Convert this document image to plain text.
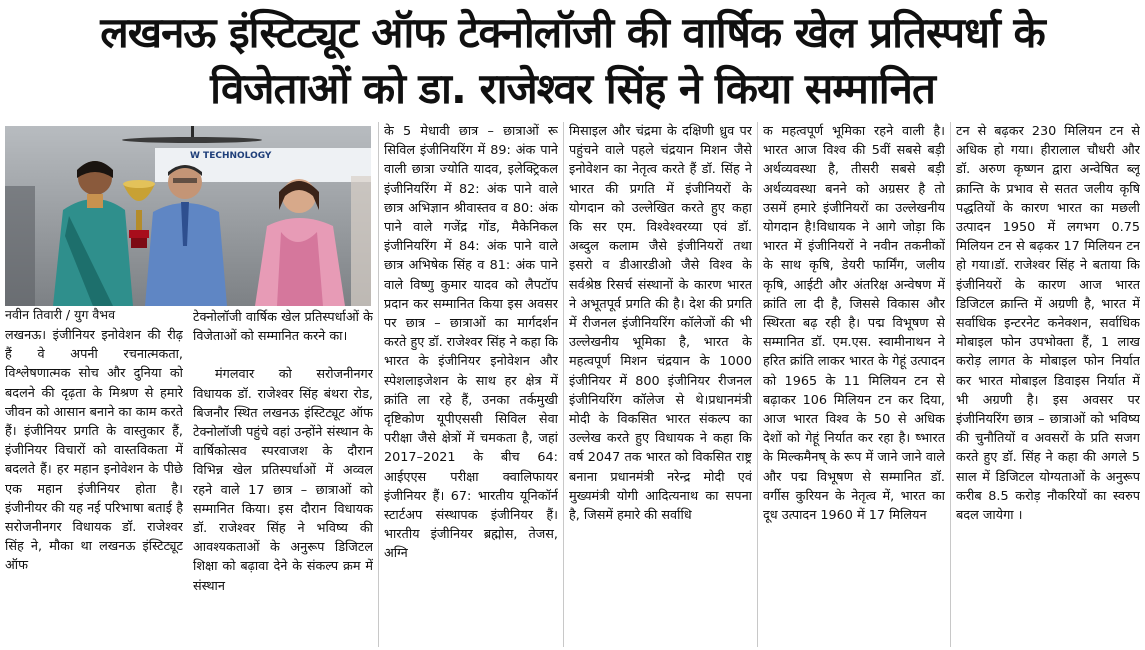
लखनऊ इंस्टिट्यूट ऑफ टेक्नोलॉजी की वार्षिक खेल प्रतिस्पर्धा के
विजेताओं को डा. राजेश्वर सिंह ने किया सम्मानित
W TECHNOLOGY
नवीन तिवारी / युग वैभव

लखनऊ। इंजीनियर इनोवेशन की रीढ़ हैं वे अपनी रचनात्मकता, विश्लेषणात्मक सोच और दुनिया को बदलने की दृढ़ता के मिश्रण से हमारे जीवन को आसान बनाने का काम करते हैं। इंजीनियर प्रगति के वास्तुकार हैं, इंजीनियर विचारों को वास्तविकता में बदलते हैं। हर महान इनोवेशन के पीछे एक महान इंजीनियर होता है। इंजीनीयर की यह नई परिभाषा बताई है सरोजनीनगर विधायक डॉ. राजेश्वर सिंह ने, मौका था लखनऊ इंस्टिट्यूट ऑफ

टेक्नोलॉजी वार्षिक खेल प्रतिस्पर्धाओं के विजेताओं को सम्मानित करने का।

मंगलवार को सरोजनीनगर विधायक डॉ. राजेश्वर सिंह बंथरा रोड, बिजनौर स्थित लखनऊ इंस्टिट्यूट ऑफ टेक्नोलॉजी पहुंचे वहां उन्होंने संस्थान के वार्षिकोत्सव स्परवाजश के दौरान विभिन्न खेल प्रतिस्पर्धाओं में अव्वल रहने वाले 17 छात्र – छात्राओं को सम्मानित किया। इस दौरान विधायक डॉ. राजेश्वर सिंह ने भविष्य की आवश्यकताओं के अनुरूप डिजिटल शिक्षा को बढ़ावा देने के संकल्प क्रम में संस्थान

के 5 मेधावी छात्र – छात्राओं रू सिविल इंजीनियरिंग में 89: अंक पाने वाली छात्रा ज्योति यादव, इलेक्ट्रिकल इंजीनियरिंग में 82: अंक पाने वाले छात्र अभिज्ञान श्रीवास्तव व 80: अंक पाने वाले गजेंद्र गोंड, मैकेनिकल इंजीनियरिंग में 84: अंक पाने वाले छात्र अभिषेक सिंह व 81: अंक पाने वाले विष्णु कुमार यादव को लैपटॉप प्रदान कर सम्मानित किया इस अवसर पर छात्र – छात्राओं का मार्गदर्शन करते हुए डॉ. राजेश्वर सिंह ने कहा कि भारत के इंजीनियर इनोवेशन और स्पेशलाइजेशन के साथ हर क्षेत्र में क्रांति ला रहे हैं, उनका तर्कमुखी दृष्टिकोण यूपीएससी सिविल सेवा परीक्षा जैसे क्षेत्रों में चमकता है, जहां 2017–2021 के बीच 64: आईएएस परीक्षा क्वालिफायर इंजीनियर हैं। 67: भारतीय यूनिकॉर्न स्टार्टअप संस्थापक इंजीनियर हैं। भारतीय इंजीनियर ब्रह्मोस, तेजस, अग्नि

मिसाइल और चंद्रमा के दक्षिणी ध्रुव पर पहुंचने वाले पहले चंद्रयान मिशन जैसे इनोवेशन का नेतृत्व करते हैं डॉ. सिंह ने भारत की प्रगति में इंजीनियरों के योगदान को उल्लेखित करते हुए कहा कि सर एम. विश्वेश्वरय्या एवं डॉ. अब्दुल कलाम जैसे इंजीनियरों तथा इसरो व डीआरडीओ जैसे विश्व के सर्वश्रेष्ठ रिसर्च संस्थानों के कारण भारत ने अभूतपूर्व प्रगति की है। देश की प्रगति में रीजनल इंजीनियरिंग कॉलेजों की भी उल्लेखनीय भूमिका है, भारत के महत्वपूर्ण मिशन चंद्रयान के 1000 इंजीनियर में 800 इंजीनियर रीजनल इंजीनियरिंग कॉलेज से थे।प्रधानमंत्री मोदी के विकसित भारत संकल्प का उल्लेख करते हुए विधायक ने कहा कि वर्ष 2047 तक भारत को विकसित राष्ट्र बनाना प्रधानमंत्री नरेन्द्र मोदी एवं मुख्यमंत्री योगी आदित्यनाथ का सपना है, जिसमें हमारे की सर्वाधि

क महत्वपूर्ण भूमिका रहने वाली है। भारत आज विश्व की 5वीं सबसे बड़ी अर्थव्यवस्था है, तीसरी सबसे बड़ी अर्थव्यवस्था बनने को अग्रसर है तो उसमें हमारे इंजीनियरों का उल्लेखनीय योगदान है!विधायक ने आगे जोड़ा कि भारत में इंजीनियरों ने नवीन तकनीकों के साथ कृषि, डेयरी फार्मिंग, जलीय कृषि, आईटी और अंतरिक्ष अन्वेषण में क्रांति ला दी है, जिससे विकास और स्थिरता बढ़ रही है। पद्म विभूषण से सम्मानित डॉ. एम.एस. स्वामीनाथन ने हरित क्रांति लाकर भारत के गेहूं उत्पादन को 1965 के 11 मिलियन टन से बढ़ाकर 106 मिलियन टन कर दिया, आज भारत विश्व के 50 से अधिक देशों को गेहूं निर्यात कर रहा है। ष्भारत के मिल्कमैनष् के रूप में जाने जाने वाले और पद्म विभूषण से सम्मानित डॉ. वर्गीस कुरियन के नेतृत्व में, भारत का दूध उत्पादन 1960 में 17 मिलियन

टन से बढ़कर 230 मिलियन टन से अधिक हो गया। हीरालाल चौधरी और डॉ. अरुण कृष्णन द्वारा अन्वेषित ब्लू क्रान्ति के प्रभाव से सतत जलीय कृषि पद्धतियों के कारण भारत का मछली उत्पादन 1950 में लगभग 0.75 मिलियन टन से बढ़कर 17 मिलियन टन हो गया।डॉ. राजेश्वर सिंह ने बताया कि इंजीनियरों के कारण आज भारत डिजिटल क्रान्ति में अग्रणी है, भारत में सर्वाधिक इन्टरनेट कनेक्शन, सर्वाधिक मोबाइल फोन उपभोक्ता हैं, 1 लाख करोड़ लागत के मोबाइल फोन निर्यात कर भारत मोबाइल डिवाइस निर्यात में भी अग्रणी है। इस अवसर पर इंजीनियरिंग छात्र – छात्राओं को भविष्य की चुनौतियों व अवसरों के प्रति सजग करते हुए डॉ. सिंह ने कहा की अगले 5 साल में डिजिटल योग्यताओं के अनुरूप करीब 8.5 करोड़ नौकरियों का स्वरुप बदल जायेगा ।
